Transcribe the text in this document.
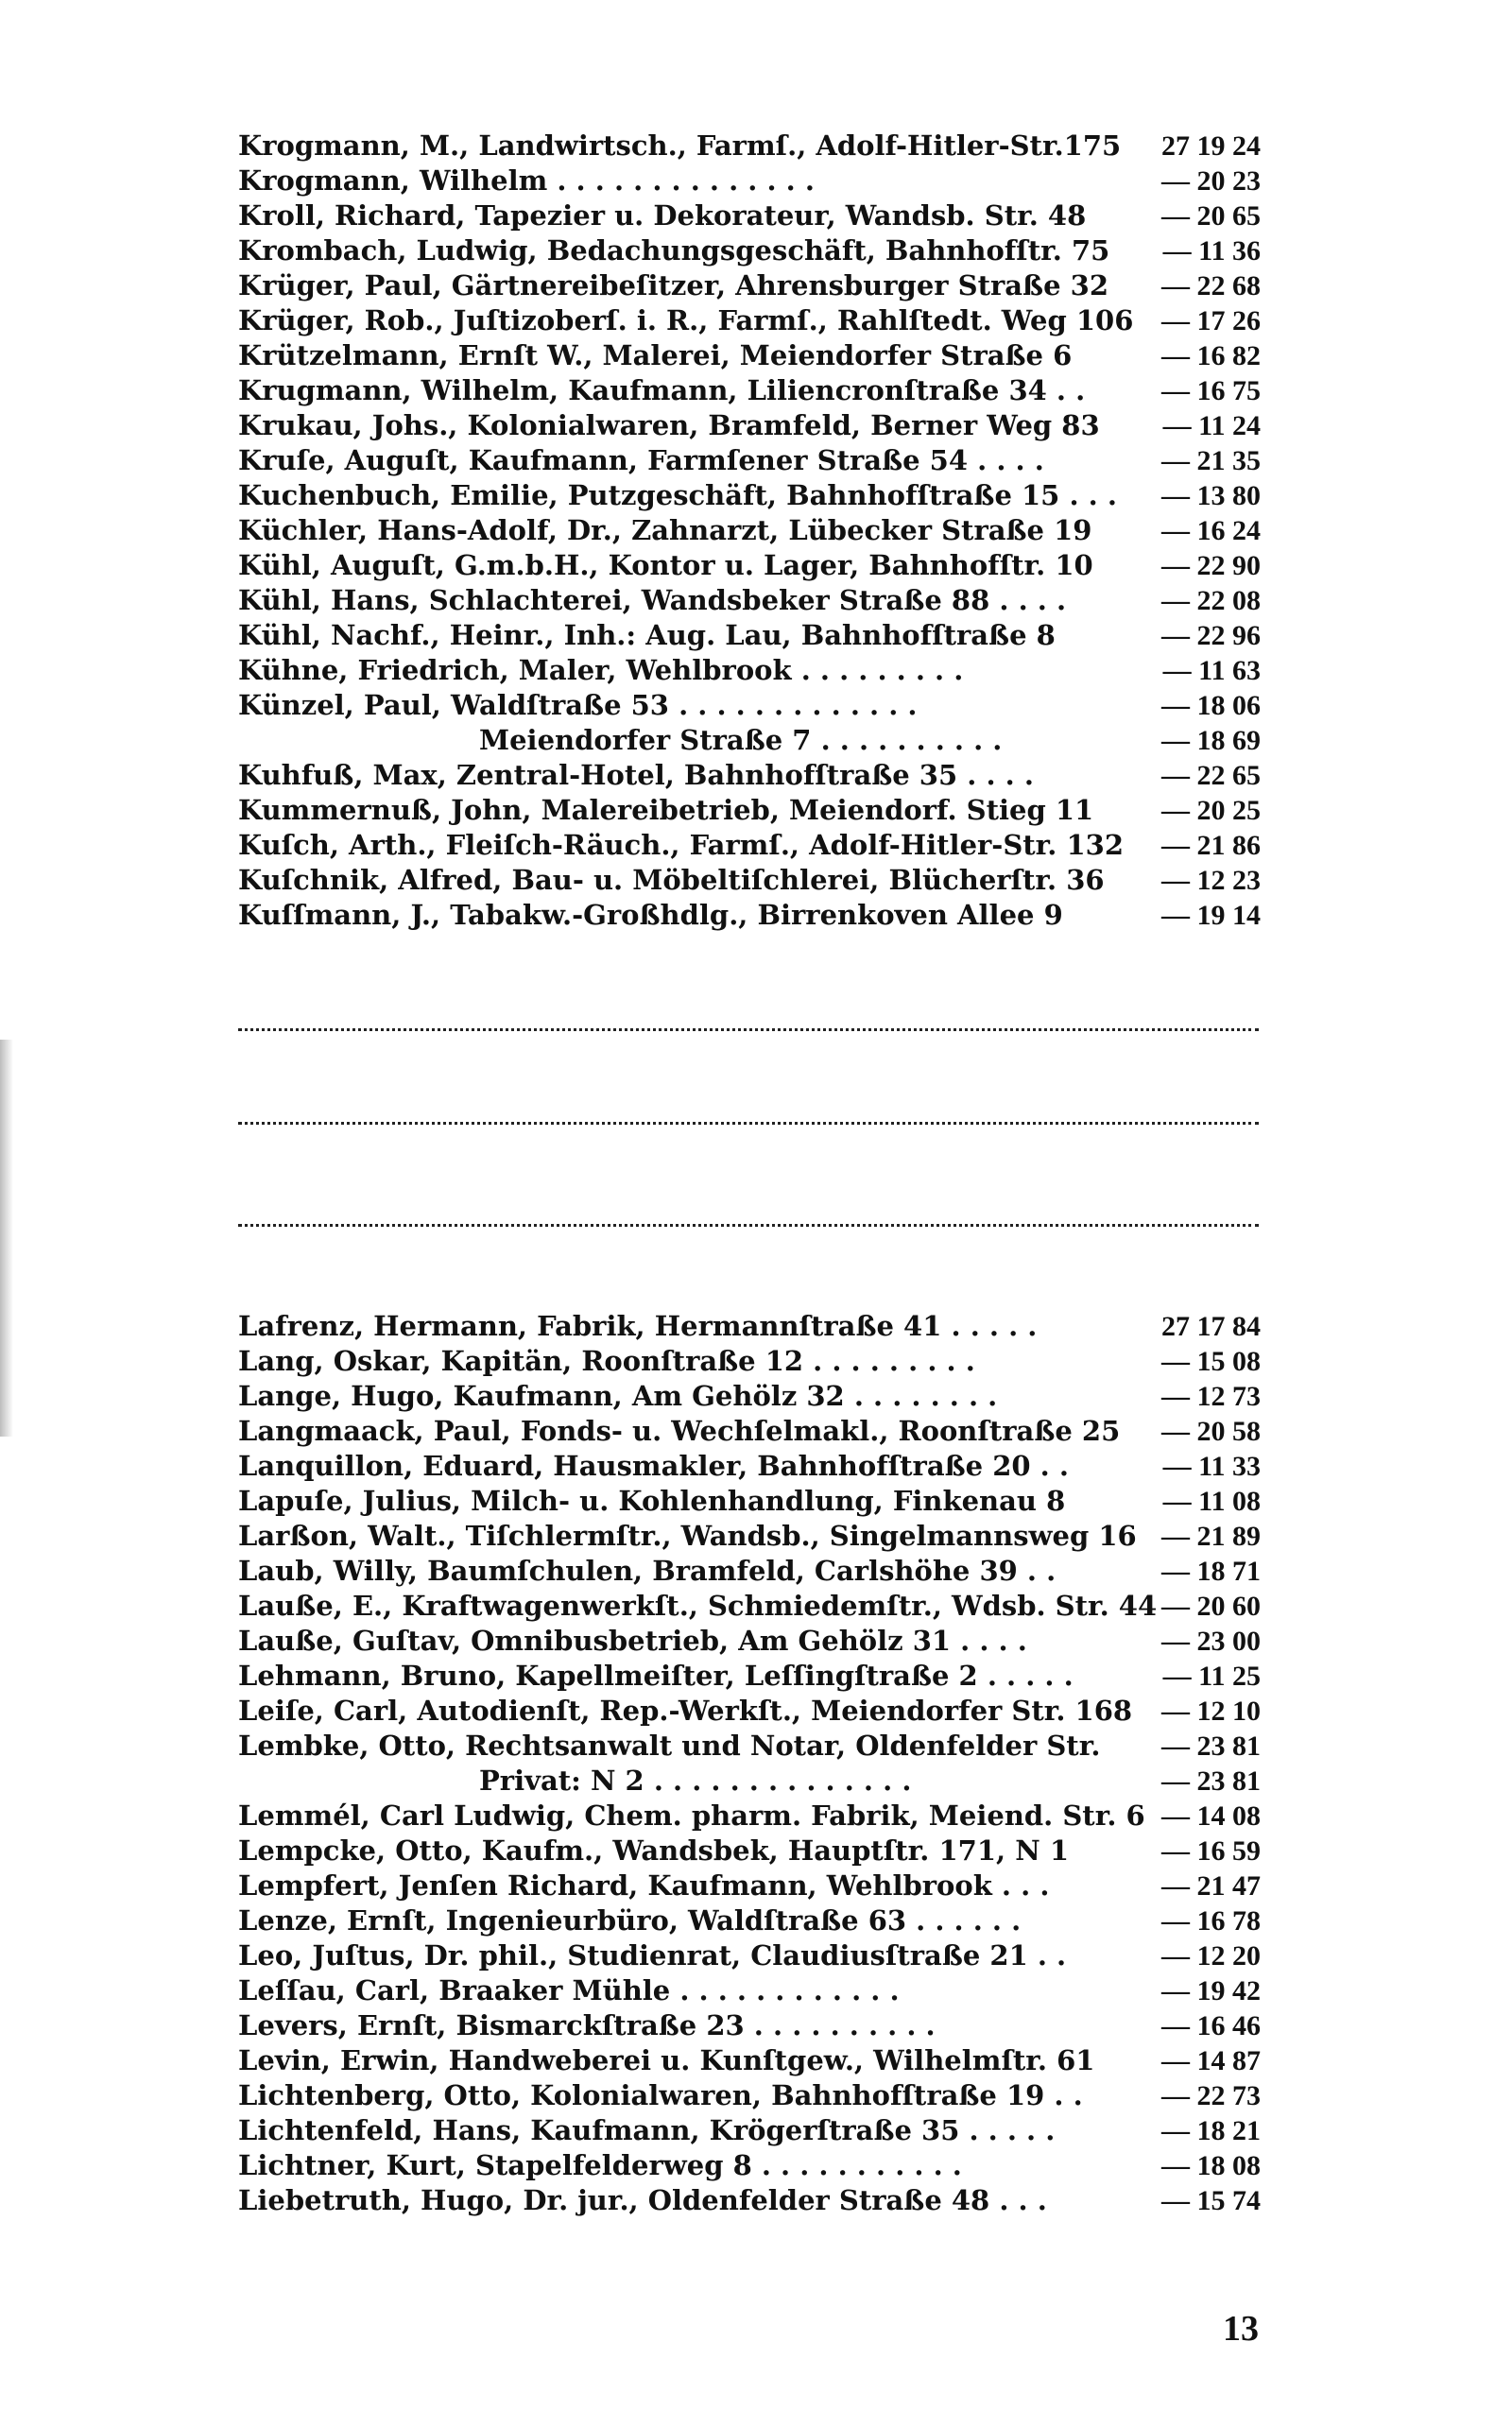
Krogmann, M., Landwirtsch., Farmſ., Adolf-Hitler-Str.175 27 19 24
Krogmann, Wilhelm . . . . . . . . . . . . . .	— 20 23
Kroll, Richard, Tapezier u. Dekorateur, Wandsb. Str. 48	— 20 65
Krombach, Ludwig, Bedachungsgeschäft, Bahnhofſtr. 75 — 11 36
Krüger, Paul, Gärtnereibeſitzer, Ahrensburger Straße 32 — 22 68
Krüger, Rob., Juſtizoberſ. i. R., Farmſ., Rahlſtedt. Weg 106 — 17 26
Krützelmann, Ernſt W., Malerei, Meiendorfer Straße 6	— 16 82
Krugmann, Wilhelm, Kaufmann, Liliencronſtraße 34 . .	— 16 75
Krukau, Johs., Kolonialwaren, Bramfeld, Berner Weg 83 — 11 24
Kruſe, Auguſt, Kaufmann, Farmſener Straße 54 . . . .	— 21 35
Kuchenbuch, Emilie, Putzgeschäft, Bahnhofſtraße 15 . . . — 13 80
Küchler, Hans-Adolf, Dr., Zahnarzt, Lübecker Straße 19 — 16 24
Kühl, Auguſt, G.m.b.H., Kontor u. Lager, Bahnhofſtr. 10 — 22 90
Kühl, Hans, Schlachterei, Wandsbeker Straße 88 . . . .	— 22 08
Kühl, Nachf., Heinr., Inh.: Aug. Lau, Bahnhofſtraße 8	— 22 96
Kühne, Friedrich, Maler, Wehlbrook . . . . . . . . .	— 11 63
Künzel, Paul, Waldſtraße 53 . . . . . . . . . . . . .	— 18 06
Meiendorfer Straße 7 . . . . . . . . . .	— 18 69
Kuhfuß, Max, Zentral-Hotel, Bahnhofſtraße 35 . . . .	— 22 65
Kummernuß, John, Malereibetrieb, Meiendorf. Stieg 11 — 20 25
Kuſch, Arth., Fleiſch-Räuch., Farmſ., Adolf-Hitler-Str. 132 — 21 86
Kuſchnik, Alfred, Bau- u. Möbeltiſchlerei, Blücherſtr. 36 — 12 23
Kuſſmann, J., Tabakw.-Großhdlg., Birrenkoven Allee 9	— 19 14
Lafrenz, Hermann, Fabrik, Hermannſtraße 41 . . . . .	27 17 84
Lang, Oskar, Kapitän, Roonſtraße 12 . . . . . . . . .	— 15 08
Lange, Hugo, Kaufmann, Am Gehölz 32 . . . . . . . .	— 12 73
Langmaack, Paul, Fonds- u. Wechſelmakl., Roonſtraße 25 — 20 58
Lanquillon, Eduard, Hausmakler, Bahnhofſtraße 20 . .	— 11 33
Lapuſe, Julius, Milch- u. Kohlenhandlung, Finkenau 8	— 11 08
Larßon, Walt., Tiſchlermſtr., Wandsb., Singelmannsweg 16 — 21 89
Laub, Willy, Baumſchulen, Bramfeld, Carlshöhe 39 . .	— 18 71
Lauße, E., Kraftwagenwerkſt., Schmiedemſtr., Wdsb. Str. 44 — 20 60
Lauße, Guſtav, Omnibusbetrieb, Am Gehölz 31 . . . .	— 23 00
Lehmann, Bruno, Kapellmeiſter, Leſſingſtraße 2 . . . . .	— 11 25
Leiſe, Carl, Autodienſt, Rep.-Werkſt., Meiendorfer Str. 168 — 12 10
Lembke, Otto, Rechtsanwalt und Notar, Oldenfelder Str. — 23 81
Privat: N 2 . . . . . . . . . . . . . .	— 23 81
Lemmél, Carl Ludwig, Chem. pharm. Fabrik, Meiend. Str. 6 — 14 08
Lempcke, Otto, Kaufm., Wandsbek, Hauptſtr. 171, N 1	— 16 59
Lempfert, Jenſen Richard, Kaufmann, Wehlbrook . . .	— 21 47
Lenze, Ernſt, Ingenieurbüro, Waldſtraße 63 . . . . . .	— 16 78
Leo, Juſtus, Dr. phil., Studienrat, Claudiusſtraße 21 . .	— 12 20
Leſſau, Carl, Braaker Mühle . . . . . . . . . . . .	— 19 42
Levers, Ernſt, Bismarckſtraße 23 . . . . . . . . . .	— 16 46
Levin, Erwin, Handweberei u. Kunſtgew., Wilhelmſtr. 61 — 14 87
Lichtenberg, Otto, Kolonialwaren, Bahnhofſtraße 19 . .	— 22 73
Lichtenfeld, Hans, Kaufmann, Krögerſtraße 35 . . . . .	— 18 21
Lichtner, Kurt, Stapelfelderweg 8 . . . . . . . . . . .	— 18 08
Liebetruth, Hugo, Dr. jur., Oldenfelder Straße 48 . . .	— 15 74
13
